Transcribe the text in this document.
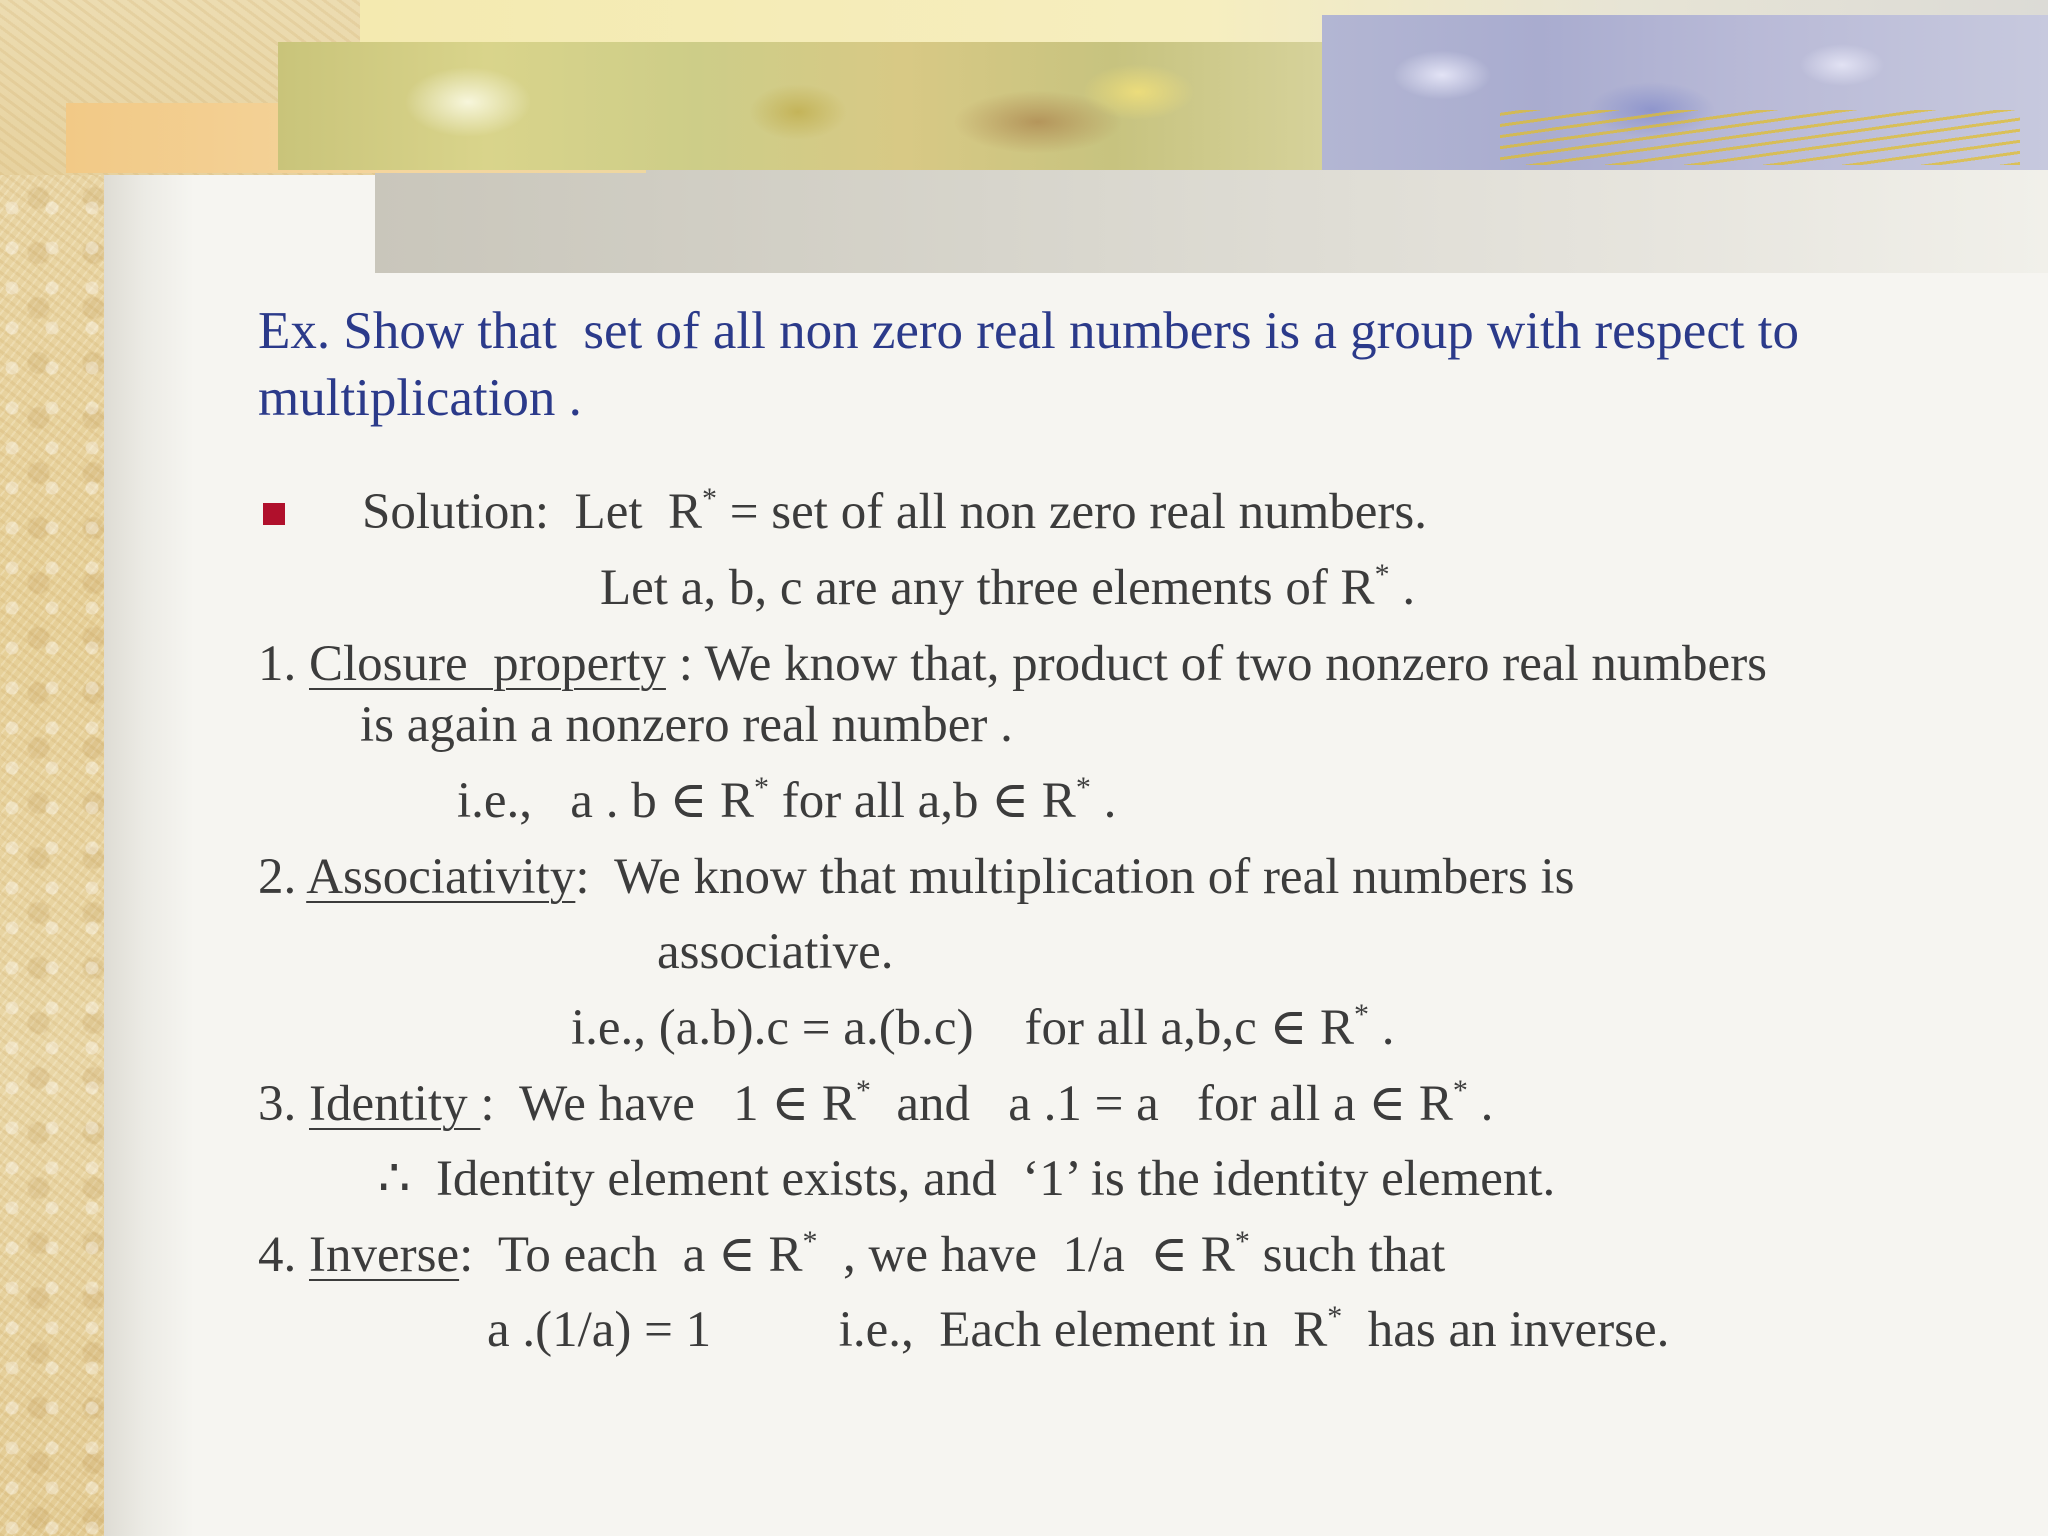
Ex. Show that  set of all non zero real numbers is a group with respect to
multiplication .
Solution:  Let  R* = set of all non zero real numbers.
Let a, b, c are any three elements of R* .
1. Closure  property : We know that, product of two nonzero real numbers
is again a nonzero real number .
i.e.,   a . b ∈ R* for all a,b ∈ R* .
2. Associativity:  We know that multiplication of real numbers is
associative.
i.e., (a.b).c = a.(b.c)    for all a,b,c ∈ R* .
3. Identity :  We have   1 ∈ R*  and   a .1 = a   for all a ∈ R* .
∴  Identity element exists, and  ‘1’ is the identity element.
4. Inverse:  To each  a ∈ R*  , we have  1/a  ∈ R* such that
a .(1/a) = 1          i.e.,  Each element in  R*  has an inverse.
